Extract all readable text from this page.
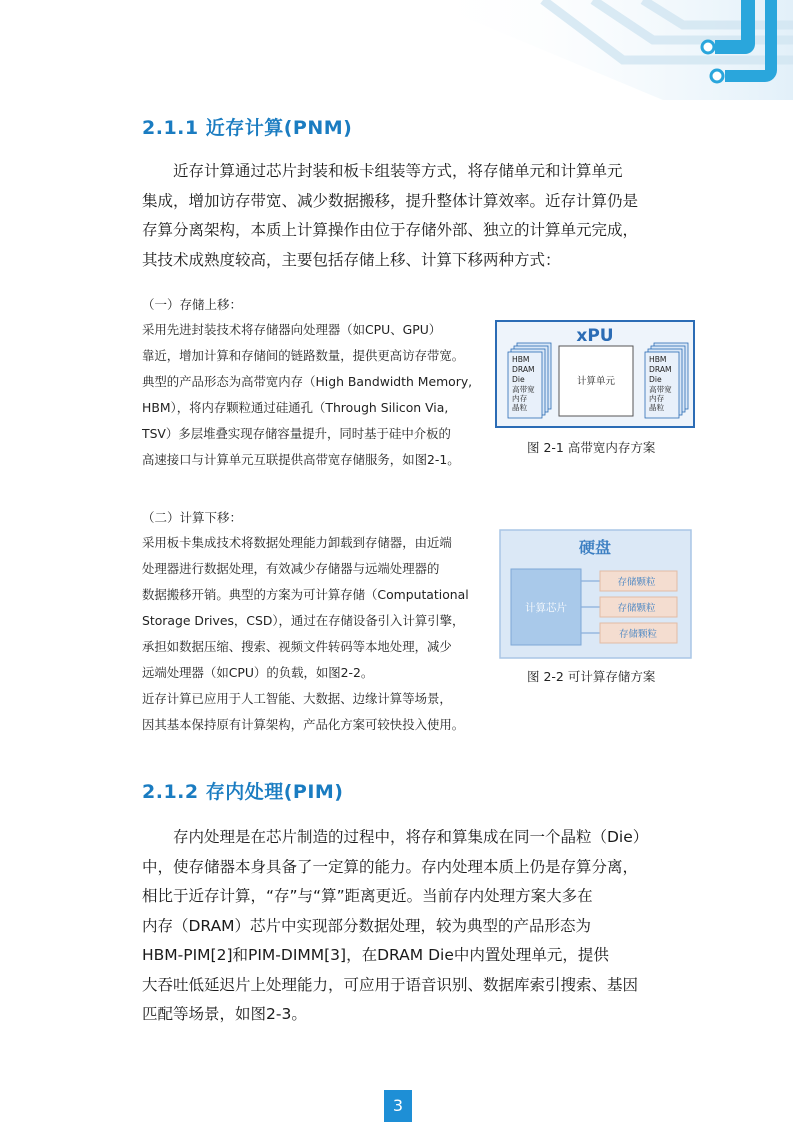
2.1.1 近存计算(PNM)
近存计算通过芯片封装和板卡组装等方式，将存储单元和计算单元
集成，增加访存带宽、减少数据搬移，提升整体计算效率。近存计算仍是
存算分离架构，本质上计算操作由位于存储外部、独立的计算单元完成，
其技术成熟度较高，主要包括存储上移、计算下移两种方式：

（一）存储上移：

采用先进封装技术将存储器向处理器（如CPU、GPU）
靠近，增加计算和存储间的链路数量，提供更高访存带宽。
典型的产品形态为高带宽内存（High Bandwidth Memory,
HBM），将内存颗粒通过硅通孔（Through Silicon Via,
TSV）多层堆叠实现存储容量提升，同时基于硅中介板的
高速接口与计算单元互联提供高带宽存储服务，如图2-1。
xPU
计算单元
HBM DRAM Die 高带宽 内存 晶粒
HBM DRAM Die 高带宽 内存 晶粒
图 2-1 高带宽内存方案

（二）计算下移：

采用板卡集成技术将数据处理能力卸载到存储器，由近端
处理器进行数据处理，有效减少存储器与远端处理器的
数据搬移开销。典型的方案为可计算存储（Computational
Storage Drives，CSD），通过在存储设备引入计算引擎，
承担如数据压缩、搜索、视频文件转码等本地处理，减少
远端处理器（如CPU）的负载，如图2-2。
近存计算已应用于人工智能、大数据、边缘计算等场景，
因其基本保持原有计算架构，产品化方案可较快投入使用。
硬盘
计算芯片
存储颗粒 存储颗粒 存储颗粒
图 2-2 可计算存储方案
2.1.2 存内处理(PIM)
存内处理是在芯片制造的过程中，将存和算集成在同一个晶粒（Die）
中，使存储器本身具备了一定算的能力。存内处理本质上仍是存算分离，
相比于近存计算，“存”与“算”距离更近。当前存内处理方案大多在
内存（DRAM）芯片中实现部分数据处理，较为典型的产品形态为
HBM-PIM[2]和PIM-DIMM[3]，在DRAM Die中内置处理单元，提供
大吞吐低延迟片上处理能力，可应用于语音识别、数据库索引搜索、基因
匹配等场景，如图2-3。
3
